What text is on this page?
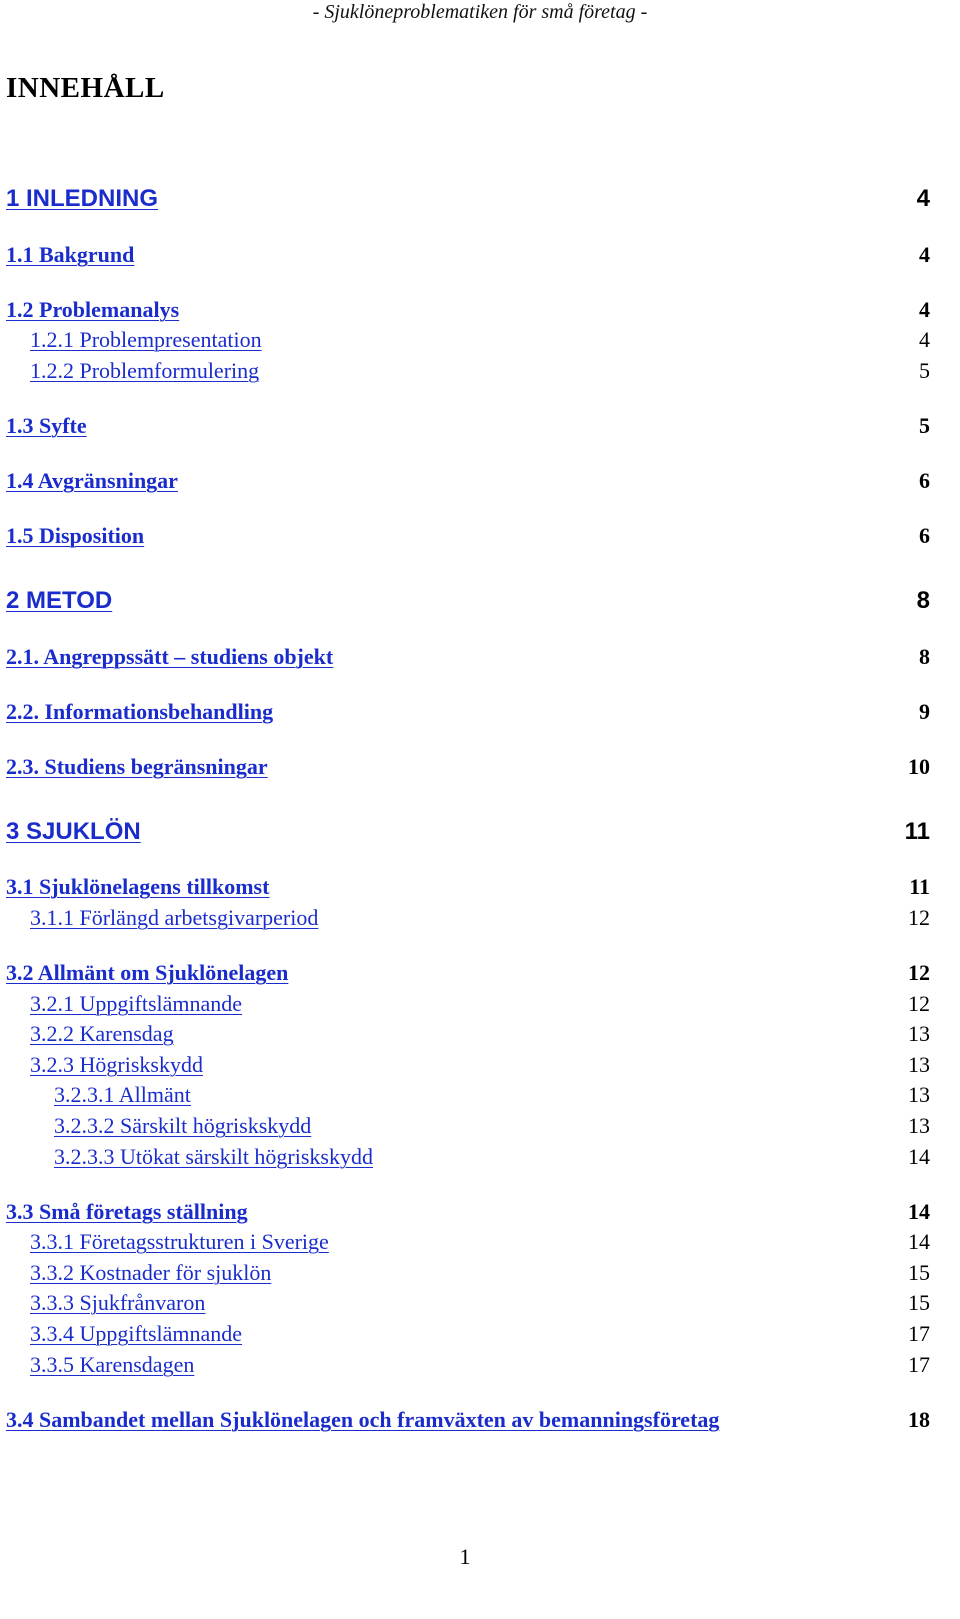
- Sjuklöneproblematiken för små företag -
INNEHÅLL
1 INLEDNING	4
1.1 Bakgrund	4
1.2 Problemanalys	4
1.2.1 Problempresentation	4
1.2.2 Problemformulering	5
1.3 Syfte	5
1.4 Avgränsningar	6
1.5 Disposition	6
2 METOD	8
2.1. Angreppssätt – studiens objekt	8
2.2. Informationsbehandling	9
2.3. Studiens begränsningar	10
3 SJUKLÖN	11
3.1 Sjuklönelagens tillkomst	11
3.1.1 Förlängd arbetsgivarperiod	12
3.2 Allmänt om Sjuklönelagen	12
3.2.1 Uppgiftslämnande	12
3.2.2 Karensdag	13
3.2.3 Högriskskydd	13
3.2.3.1 Allmänt	13
3.2.3.2 Särskilt högriskskydd	13
3.2.3.3 Utökat särskilt högriskskydd	14
3.3 Små företags ställning	14
3.3.1 Företagsstrukturen i Sverige	14
3.3.2 Kostnader för sjuklön	15
3.3.3 Sjukfrånvaron	15
3.3.4 Uppgiftslämnande	17
3.3.5 Karensdagen	17
3.4 Sambandet mellan Sjuklönelagen och framväxten av bemanningsföretag	18
1
